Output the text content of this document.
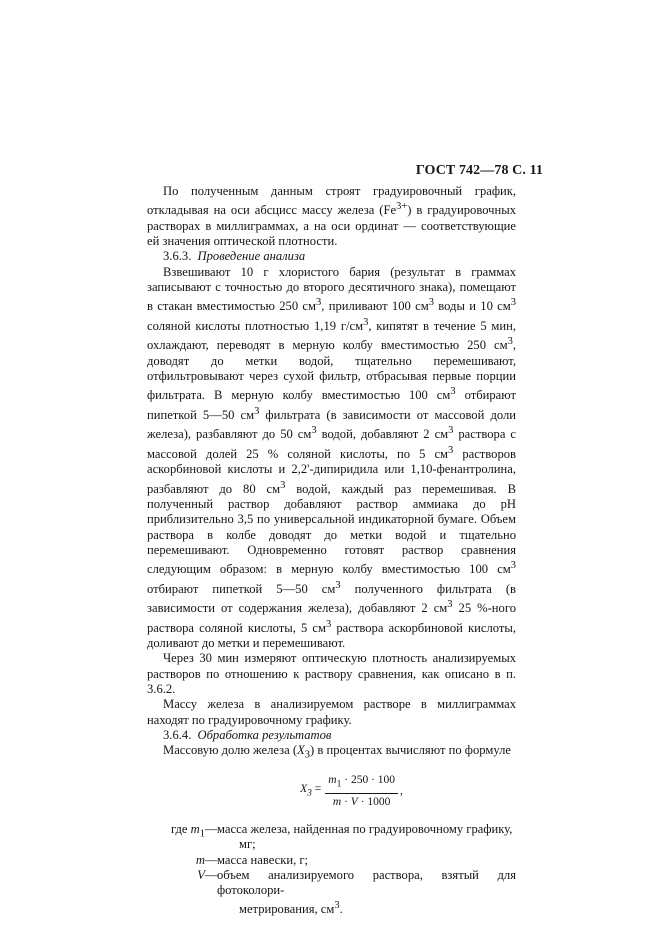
ГОСТ 742—78 С. 11

По полученным данным строят градуировочный график, откладывая на оси абсцисс массу железа $(Fe^{3+})$ в градуировочных растворах в миллиграммах, а на оси ординат — соответствующие ей значения оптической плотности.

3.6.3. Проведение анализа

Взвешивают 10 г хлористого бария (результат в граммах записывают с точностью до второго десятичного знака), помещают в стакан вместимостью 250 $см^3$, приливают 100 $см^3$ воды и 10 $см^3$ соляной кислоты плотностью 1,19 $г/см^3$, кипятят в течение 5 мин, охлаждают, переводят в мерную колбу вместимостью 250 $см^3$, доводят до метки водой, тщательно перемешивают, отфильтровывают через сухой фильтр, отбрасывая первые порции фильтрата. В мерную колбу вместимостью 100 $см^3$ отбирают пипеткой 5—50 $см^3$ фильтрата (в зависимости от массовой доли железа), разбавляют до 50 $см^3$ водой, добавляют 2 $см^3$ раствора с массовой долей 25 % соляной кислоты, по 5 $см^3$ растворов аскорбиновой кислоты и 2,2'-дипиридила или 1,10-фенантролина, разбавляют до 80 $см^3$ водой, каждый раз перемешивая. В полученный раствор добавляют раствор аммиака до рН приблизительно 3,5 по универсальной индикаторной бумаге. Объем раствора в колбе доводят до метки водой и тщательно перемешивают. Одновременно готовят раствор сравнения следующим образом: в мерную колбу вместимостью 100 $см^3$ отбирают пипеткой 5—50 $см^3$ полученного фильтрата (в зависимости от содержания железа), добавляют 2 $см^3$ 25 %-ного раствора соляной кислоты, 5 $см^3$ раствора аскорбиновой кислоты, доливают до метки и перемешивают.

Через 30 мин измеряют оптическую плотность анализируемых растворов по отношению к раствору сравнения, как описано в п. 3.6.2.

Массу железа в анализируемом растворе в миллиграммах находят по градуировочному графику.

3.6.4. Обработка результатов

Массовую долю железа $(X_3)$ в процентах вычисляют по формуле

$X_3 = \frac{m_1 \cdot 250 \cdot 100}{m \cdot V \cdot 1000}$ ,
где $m_1$ — масса железа, найденная по градуировочному графику,
мг;
m — масса навески, г;
V — объем анализируемого раствора, взятый для фотоколори-
метрирования, $см^3$.
